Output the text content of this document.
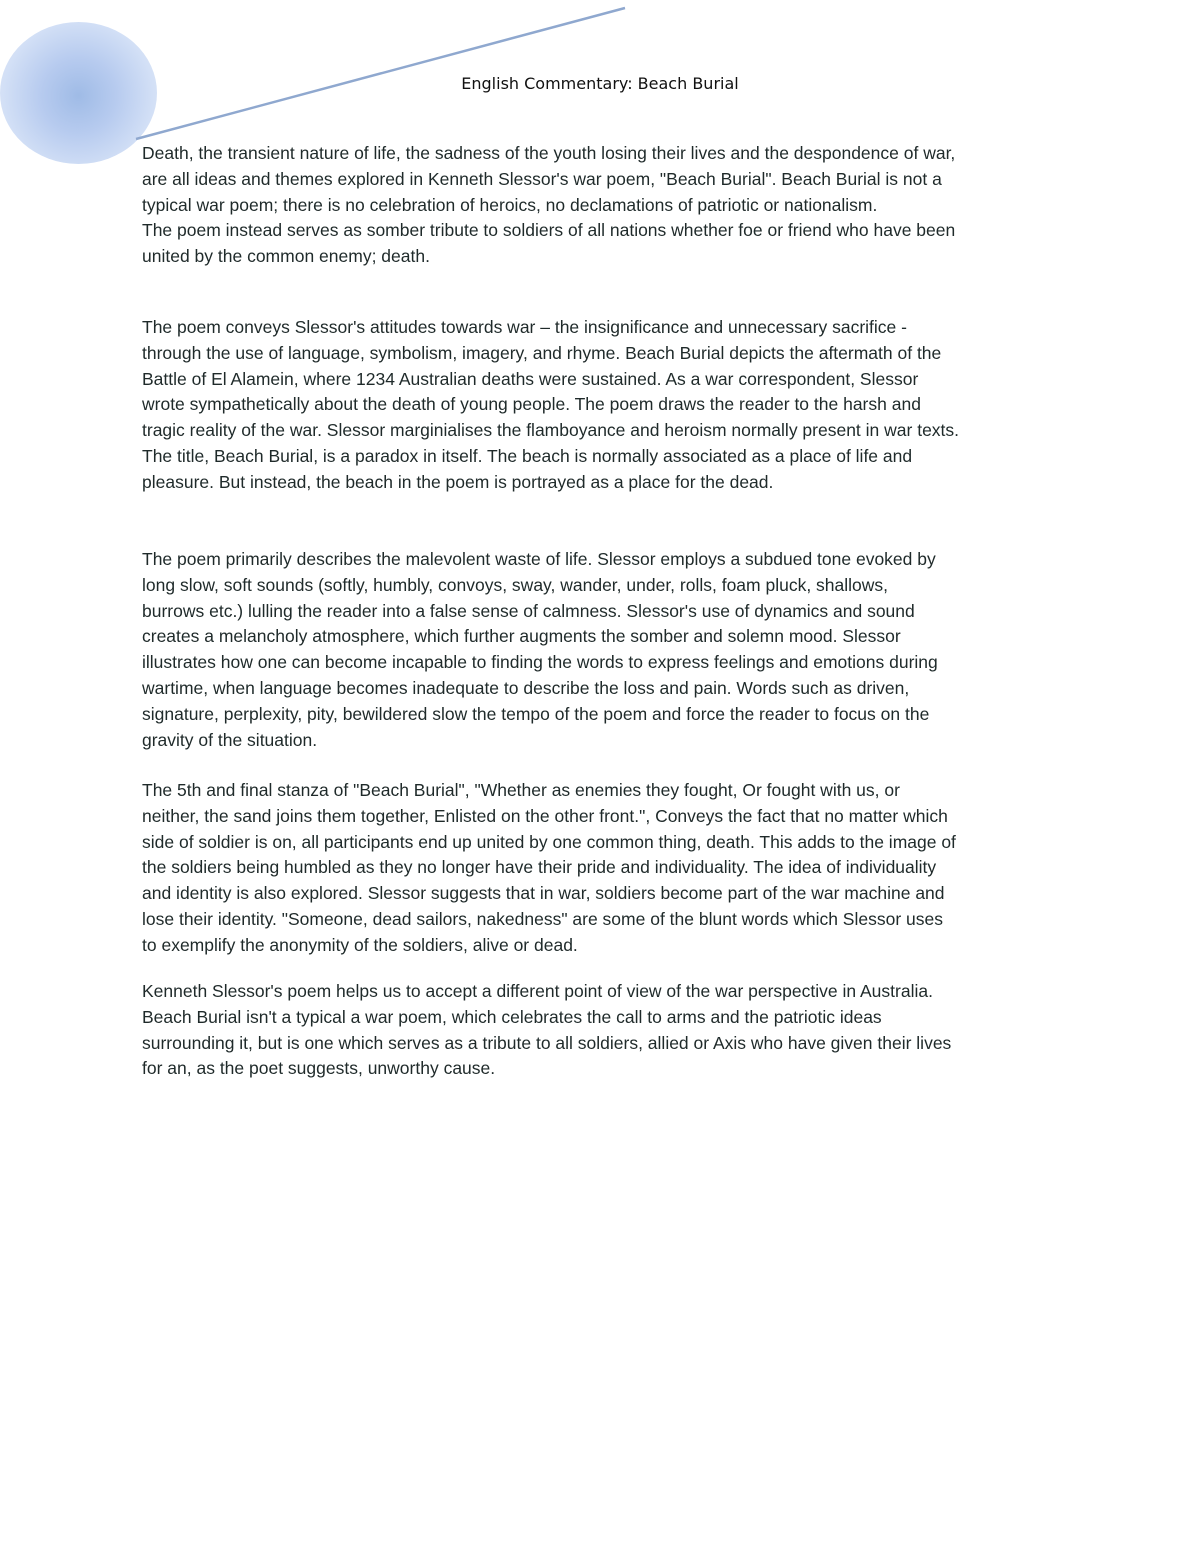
English Commentary: Beach Burial
Death, the transient nature of life, the sadness of the youth losing their lives and the despondence of war,
are all ideas and themes explored in Kenneth Slessor's war poem, "Beach Burial". Beach Burial is not a
typical war poem; there is no celebration of heroics, no declamations of patriotic or nationalism.
The poem instead serves as somber tribute to soldiers of all nations whether foe or friend who have been
united by the common enemy; death.
The poem conveys Slessor's attitudes towards war – the insignificance and unnecessary sacrifice -
through the use of language, symbolism, imagery, and rhyme. Beach Burial depicts the aftermath of the
Battle of El Alamein, where 1234 Australian deaths were sustained. As a war correspondent, Slessor
wrote sympathetically about the death of young people. The poem draws the reader to the harsh and
tragic reality of the war. Slessor marginialises the flamboyance and heroism normally present in war texts.
The title, Beach Burial, is a paradox in itself. The beach is normally associated as a place of life and
pleasure. But instead, the beach in the poem is portrayed as a place for the dead.
The poem primarily describes the malevolent waste of life. Slessor employs a subdued tone evoked by
long slow, soft sounds (softly, humbly, convoys, sway, wander, under, rolls, foam pluck, shallows,
burrows etc.) lulling the reader into a false sense of calmness. Slessor's use of dynamics and sound
creates a melancholy atmosphere, which further augments the somber and solemn mood. Slessor
illustrates how one can become incapable to finding the words to express feelings and emotions during
wartime, when language becomes inadequate to describe the loss and pain. Words such as driven,
signature, perplexity, pity, bewildered slow the tempo of the poem and force the reader to focus on the
gravity of the situation.
The 5th and final stanza of "Beach Burial", "Whether as enemies they fought, Or fought with us, or
neither, the sand joins them together, Enlisted on the other front.", Conveys the fact that no matter which
side of soldier is on, all participants end up united by one common thing, death. This adds to the image of
the soldiers being humbled as they no longer have their pride and individuality. The idea of individuality
and identity is also explored. Slessor suggests that in war, soldiers become part of the war machine and
lose their identity. "Someone, dead sailors, nakedness" are some of the blunt words which Slessor uses
to exemplify the anonymity of the soldiers, alive or dead.
Kenneth Slessor's poem helps us to accept a different point of view of the war perspective in Australia.
Beach Burial isn't a typical a war poem, which celebrates the call to arms and the patriotic ideas
surrounding it, but is one which serves as a tribute to all soldiers, allied or Axis who have given their lives
for an, as the poet suggests, unworthy cause.
